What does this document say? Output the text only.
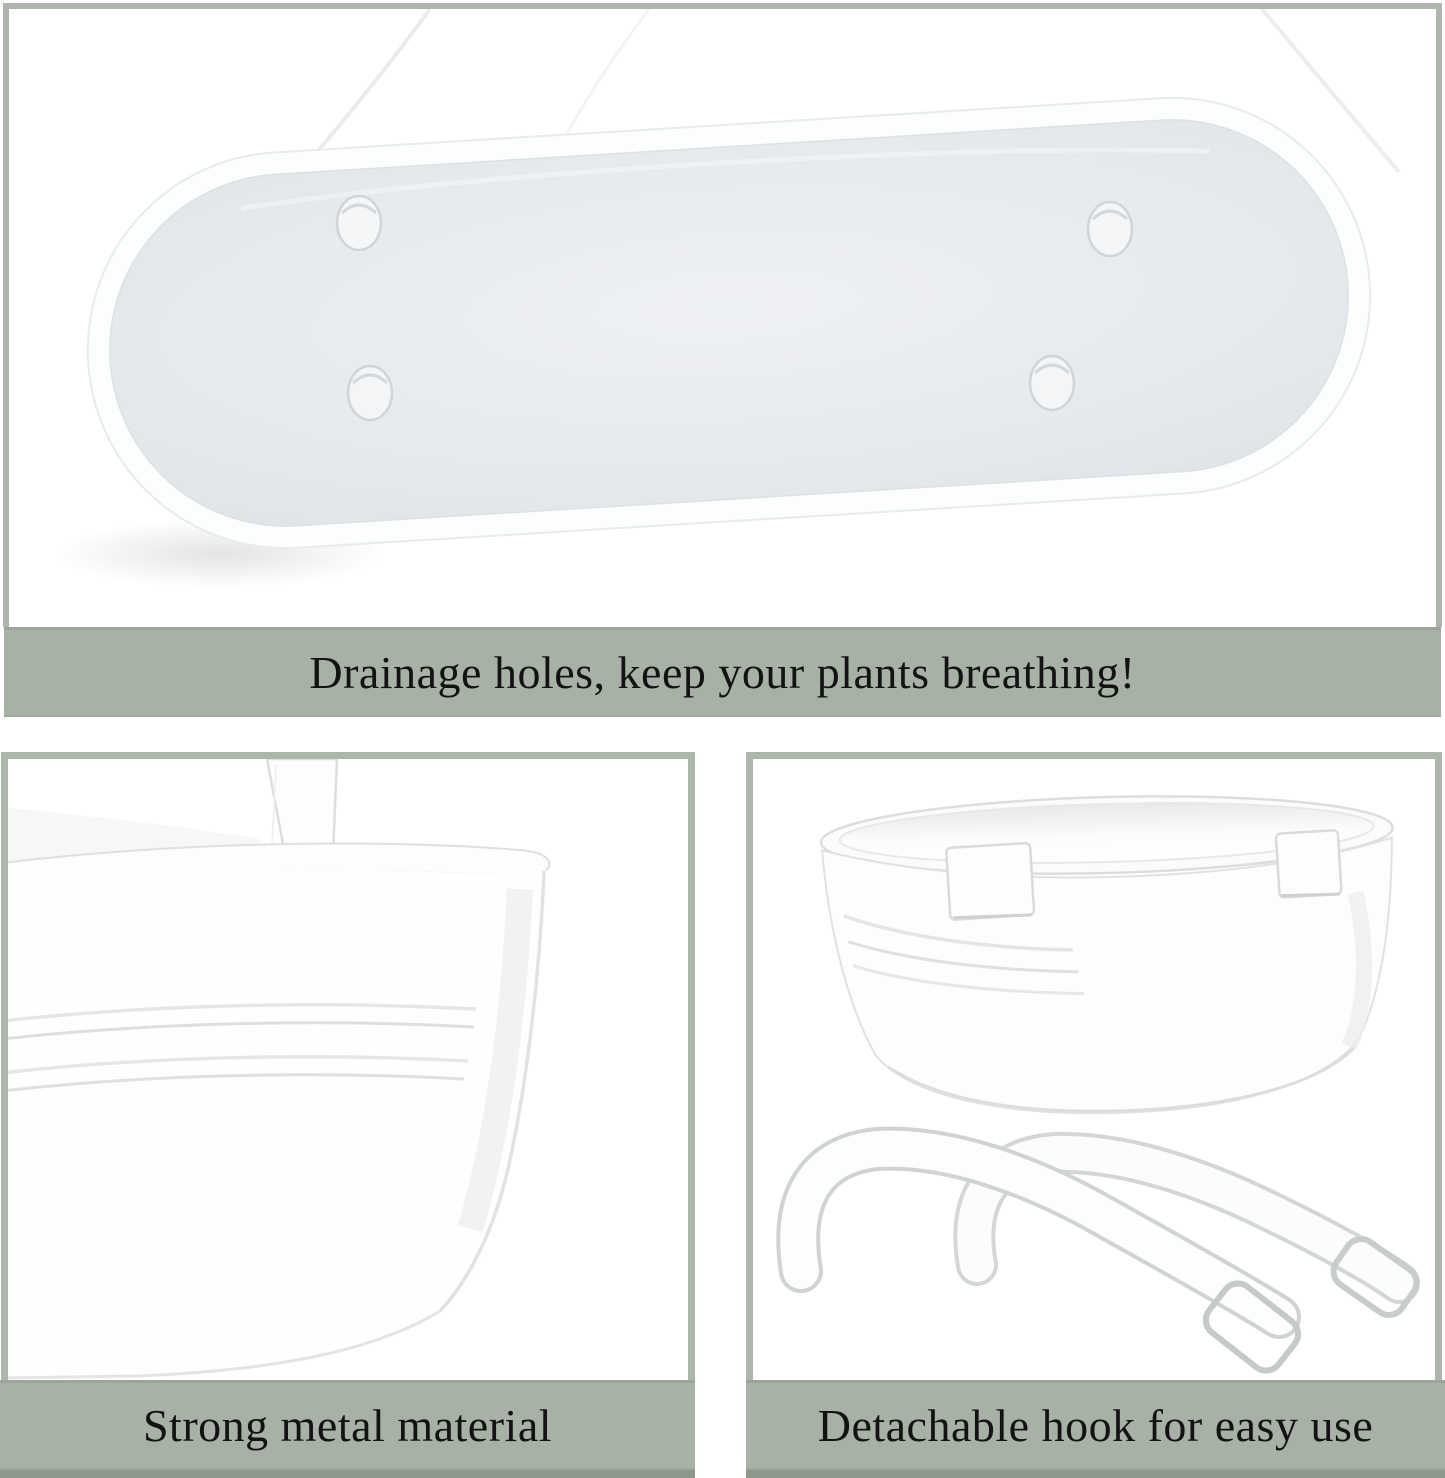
Drainage holes, keep your plants breathing!
Strong metal material	Detachable hook for easy use
